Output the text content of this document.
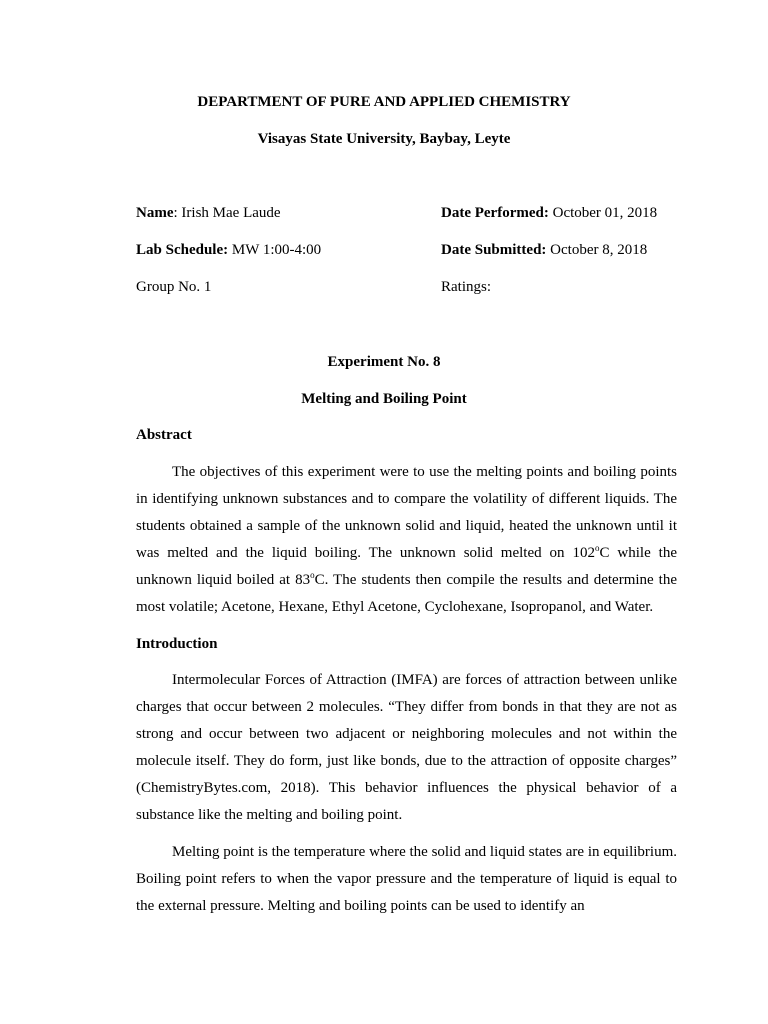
DEPARTMENT OF PURE AND APPLIED CHEMISTRY
Visayas State University, Baybay, Leyte
Name: Irish Mae Laude
Lab Schedule: MW 1:00-4:00
Group No. 1
Date Performed: October 01, 2018
Date Submitted: October 8, 2018
Ratings:
Experiment No. 8
Melting and Boiling Point
Abstract
The objectives of this experiment were to use the melting points and boiling points in identifying unknown substances and to compare the volatility of different liquids. The students obtained a sample of the unknown solid and liquid, heated the unknown until it was melted and the liquid boiling. The unknown solid melted on 102$^o$C while the unknown liquid boiled at 83$^o$C. The students then compile the results and determine the most volatile; Acetone, Hexane, Ethyl Acetone, Cyclohexane, Isopropanol, and Water.
Introduction
Intermolecular Forces of Attraction (IMFA) are forces of attraction between unlike charges that occur between 2 molecules. “They differ from bonds in that they are not as strong and occur between two adjacent or neighboring molecules and not within the molecule itself. They do form, just like bonds, due to the attraction of opposite charges” (ChemistryBytes.com, 2018). This behavior influences the physical behavior of a substance like the melting and boiling point.
Melting point is the temperature where the solid and liquid states are in equilibrium. Boiling point refers to when the vapor pressure and the temperature of liquid is equal to the external pressure. Melting and boiling points can be used to identify an
